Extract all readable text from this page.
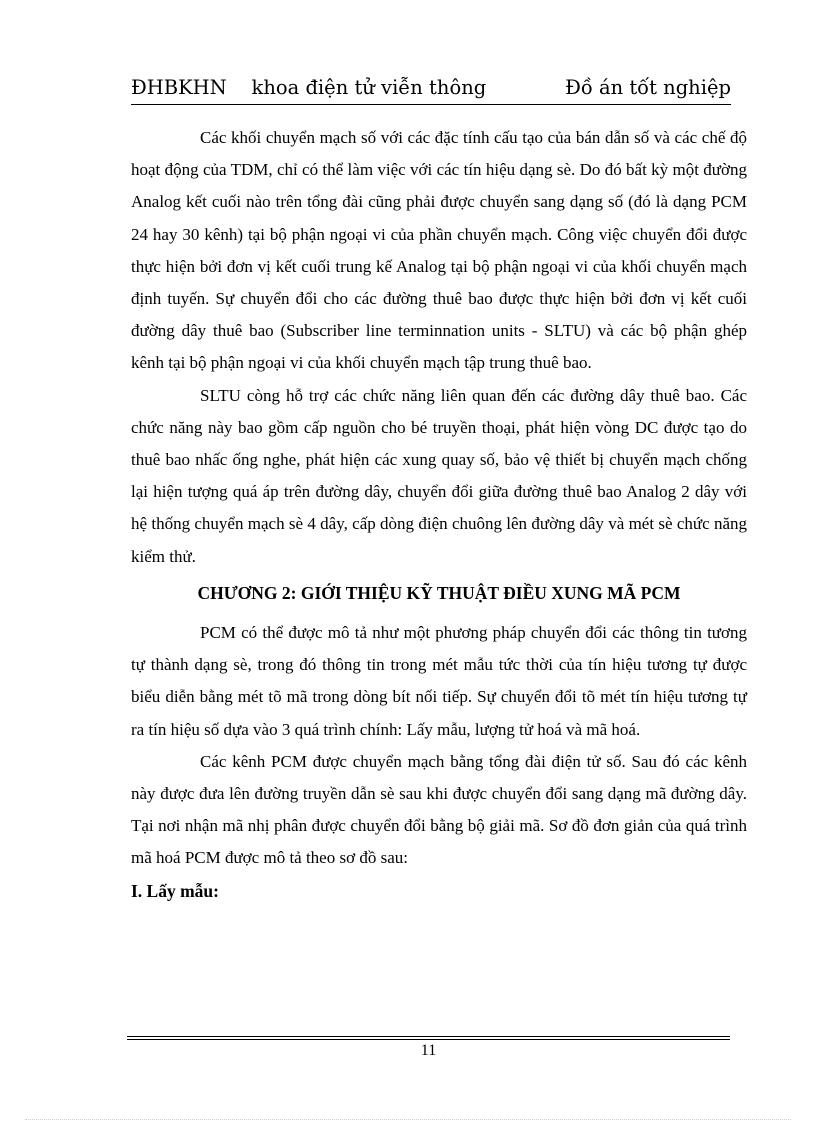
ĐHBKHN    khoa điện tử viễn thông	Đồ án tốt nghiệp

Các khối chuyển mạch số với các đặc tính cấu tạo của bán dẫn số và các chế độ hoạt động của TDM, chỉ có thể làm việc với các tín hiệu dạng sè. Do đó bất kỳ một đường Analog kết cuối nào trên tổng đài cũng phải được chuyển sang dạng số (đó là dạng PCM 24 hay 30 kênh) tại bộ phận ngoại vi của phần chuyển mạch. Công việc chuyển đổi được thực hiện bởi đơn vị kết cuối trung kế Analog tại bộ phận ngoại vi của khối chuyển mạch định tuyến. Sự chuyển đổi cho các đường thuê bao được thực hiện bởi đơn vị kết cuối đường dây thuê bao (Subscriber line terminnation units - SLTU) và các bộ phận ghép kênh tại bộ phận ngoại vi của khối chuyển mạch tập trung thuê bao.

SLTU còng hỗ trợ các chức năng liên quan đến các đường dây thuê bao. Các chức năng này bao gồm cấp nguồn cho bé truyền thoại, phát hiện vòng DC được tạo do thuê bao nhấc ống nghe, phát hiện các xung quay số, bảo vệ thiết bị chuyển mạch chống lại hiện tượng quá áp trên đường dây, chuyển đổi giữa đường thuê bao Analog 2 dây với hệ thống chuyển mạch sè 4 dây, cấp dòng điện chuông lên đường dây và mét sè chức năng kiểm thử.

CHƯƠNG 2: GIỚI THIỆU KỸ THUẬT ĐIỀU XUNG MÃ PCM

PCM có thể được mô tả như một phương pháp chuyển đổi các thông tin tương tự thành dạng sè, trong đó thông tin trong mét mẫu tức thời của tín hiệu tương tự được biểu diễn bằng mét tõ mã trong dòng bít nối tiếp. Sự chuyển đổi tõ mét tín hiệu tương tự ra tín hiệu số dựa vào 3 quá trình chính: Lấy mẫu, lượng tử hoá và mã hoá.

Các kênh PCM được chuyển mạch bằng tổng đài điện tử số. Sau đó các kênh này được đưa lên đường truyền dẫn sè sau khi được chuyển đổi sang dạng mã đường dây. Tại nơi nhận mã nhị phân được chuyển đổi bằng bộ giải mã. Sơ đồ đơn giản của quá trình mã hoá PCM được mô tả theo sơ đồ sau:

I. Lấy mẫu:

11
